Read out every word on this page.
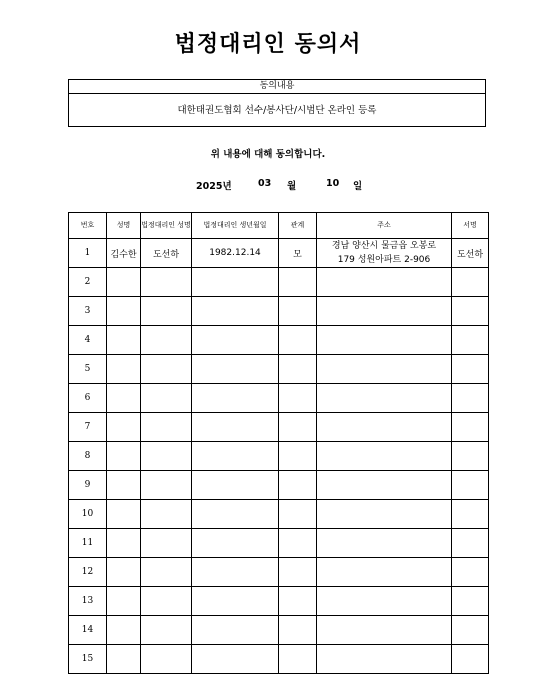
법정대리인 동의서
동의내용
대한태권도협회 선수/봉사단/시범단 온라인 등록
위 내용에 대해 동의합니다.
2025년	03 월	10 일
번호	성명	법정대리인 성명	법정대리인 생년월일	관계	주소	서명
1	김수한	도선하	1982.12.14	모	경남 양산시 물금읍 오봉로
179 성원아파트 2-906	도선하
2					

3					

4					

5					

6					

7					

8					

9					

10					

11					

12					

13					

14					

15					
